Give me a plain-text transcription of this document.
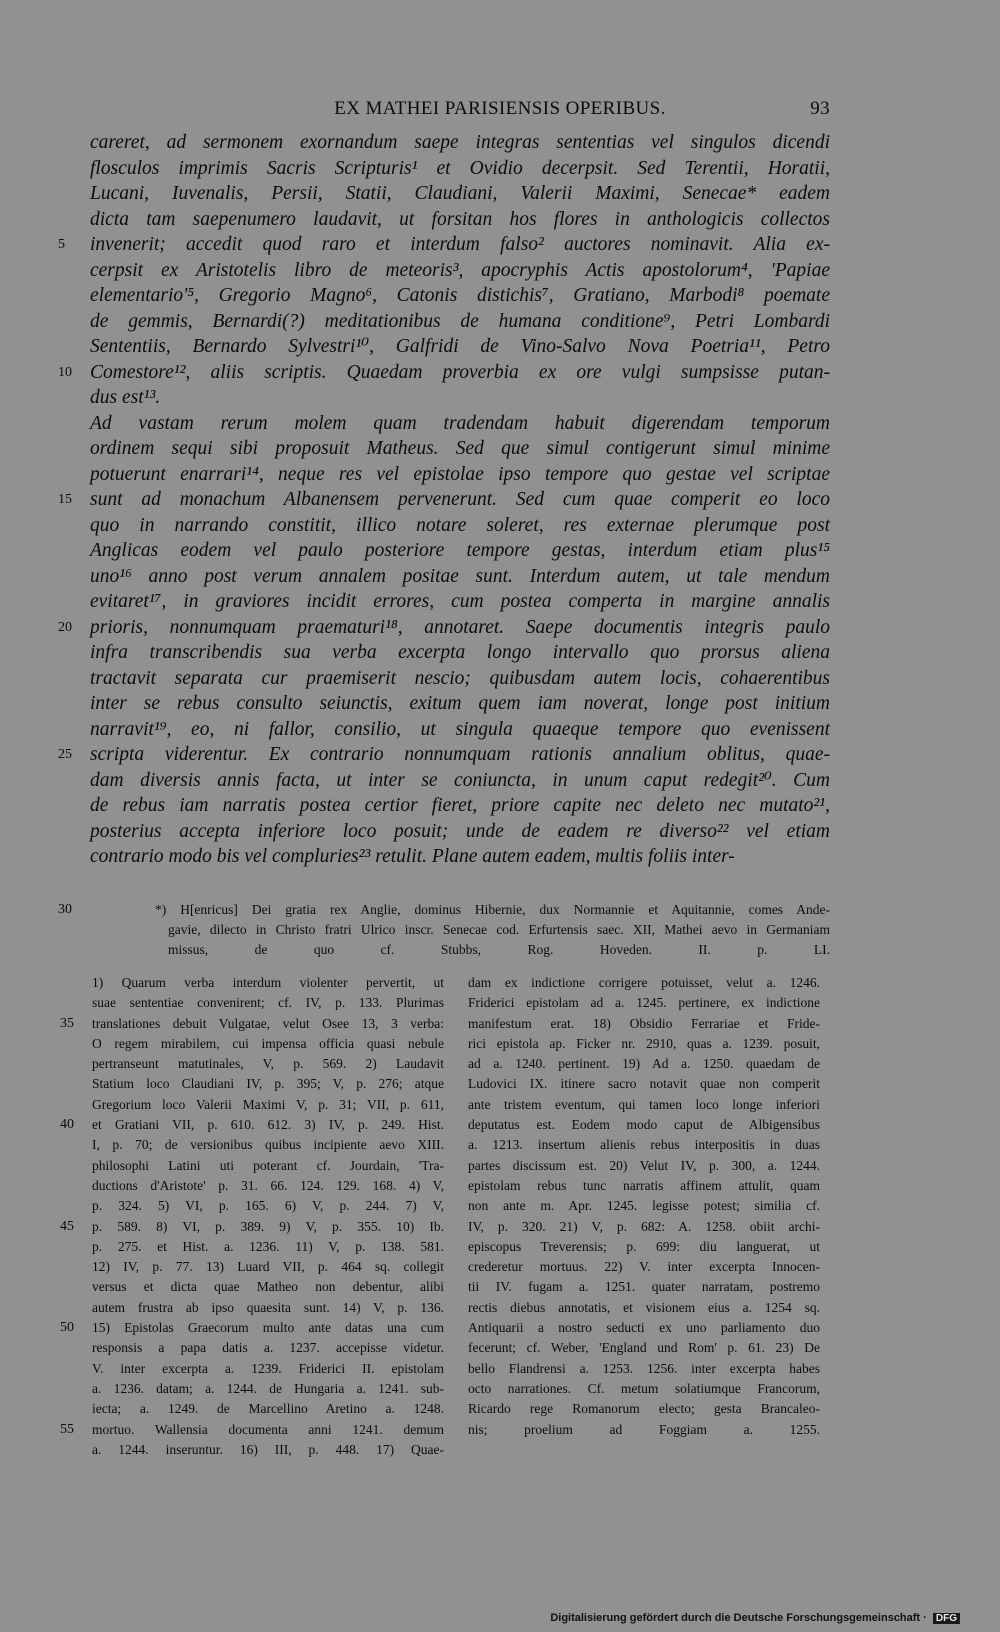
EX MATHEI PARISIENSIS OPERIBUS.	93
careret, ad sermonem exornandum saepe integras sententias vel singulos dicendi
flosculos imprimis Sacris Scripturis¹ et Ovidio decerpsit. Sed Terentii, Horatii,
Lucani, Iuvenalis, Persii, Statii, Claudiani, Valerii Maximi, Senecae* eadem
dicta tam saepenumero laudavit, ut forsitan hos flores in anthologicis collectos
5	invenerit; accedit quod raro et interdum falso² auctores nominavit. Alia ex-
cerpsit ex Aristotelis libro de meteoris³, apocryphis Actis apostolorum⁴, 'Papiae
elementario'⁵, Gregorio Magno⁶, Catonis distichis⁷, Gratiano, Marbodi⁸ poemate
de gemmis, Bernardi(?) meditationibus de humana conditione⁹, Petri Lombardi
Sententiis, Bernardo Sylvestri¹⁰, Galfridi de Vino-Salvo Nova Poetria¹¹, Petro
10 Comestore¹², aliis scriptis. Quaedam proverbia ex ore vulgi sumpsisse putan-
dus est¹³.
Ad vastam rerum molem quam tradendam habuit digerendam temporum
ordinem sequi sibi proposuit Matheus. Sed que simul contigerunt simul minime
potuerunt enarrari¹⁴, neque res vel epistolae ipso tempore quo gestae vel scriptae
15 sunt ad monachum Albanensem pervenerunt. Sed cum quae comperit eo loco
quo in narrando constitit, illico notare soleret, res externae plerumque post
Anglicas eodem vel paulo posteriore tempore gestas, interdum etiam plus¹⁵
uno¹⁶ anno post verum annalem positae sunt. Interdum autem, ut tale mendum
evitaret¹⁷, in graviores incidit errores, cum postea comperta in margine annalis
20 prioris, nonnumquam praematuri¹⁸, annotaret. Saepe documentis integris paulo
infra transcribendis sua verba excerpta longo intervallo quo prorsus aliena
tractavit separata cur praemiserit nescio; quibusdam autem locis, cohaerentibus
inter se rebus consulto seiunctis, exitum quem iam noverat, longe post initium
narravit¹⁹, eo, ni fallor, consilio, ut singula quaeque tempore quo evenissent
25 scripta viderentur. Ex contrario nonnumquam rationis annalium oblitus, quae-
dam diversis annis facta, ut inter se coniuncta, in unum caput redegit²⁰. Cum
de rebus iam narratis postea certior fieret, priore capite nec deleto nec mutato²¹,
posterius accepta inferiore loco posuit; unde de eadem re diverso²² vel etiam
contrario modo bis vel compluries²³ retulit. Plane autem eadem, multis foliis inter-
30	*) H[enricus] Dei gratia rex Anglie, dominus Hibernie, dux Normannie et Aquitannie, comes Ande-
gavie, dilecto in Christo fratri Ulrico inscr. Senecae cod. Erfurtensis saec. XII, Mathei aevo in Germaniam
missus, de quo cf. Stubbs, Rog. Hoveden. II. p. LI.
1) Quarum verba interdum violenter pervertit, ut
suae sententiae convenirent; cf. IV, p. 133. Plurimas
35	translationes debuit Vulgatae, velut Osee 13, 3 verba:
O regem mirabilem, cui impensa officia quasi nebule
pertranseunt matutinales, V, p. 569. 2) Laudavit
Statium loco Claudiani IV, p. 395; V, p. 276; atque
Gregorium loco Valerii Maximi V, p. 31; VII, p. 611,
40	et Gratiani VII, p. 610. 612. 3) IV, p. 249. Hist.
I, p. 70; de versionibus quibus incipiente aevo XIII.
philosophi Latini uti poterant cf. Jourdain, 'Tra-
ductions d'Aristote' p. 31. 66. 124. 129. 168. 4) V,
p. 324. 5) VI, p. 165. 6) V, p. 244. 7) V,
45	p. 589. 8) VI, p. 389. 9) V, p. 355. 10) Ib.
p. 275. et Hist. a. 1236. 11) V, p. 138. 581.
12) IV, p. 77. 13) Luard VII, p. 464 sq. collegit
versus et dicta quae Matheo non debentur, alibi
autem frustra ab ipso quaesita sunt. 14) V, p. 136.
50	15) Epistolas Graecorum multo ante datas una cum
responsis a papa datis a. 1237. accepisse videtur.
V. inter excerpta a. 1239. Friderici II. epistolam
a. 1236. datam; a. 1244. de Hungaria a. 1241. sub-
iecta; a. 1249. de Marcellino Aretino a. 1248.
55	mortuo. Wallensia documenta anni 1241. demum
a. 1244. inseruntur. 16) III, p. 448. 17) Quae-
dam ex indictione corrigere potuisset, velut a. 1246.
Friderici epistolam ad a. 1245. pertinere, ex indictione
manifestum erat. 18) Obsidio Ferrariae et Fride-
rici epistola ap. Ficker nr. 2910, quas a. 1239. posuit,
ad a. 1240. pertinent. 19) Ad a. 1250. quaedam de
Ludovici IX. itinere sacro notavit quae non comperit
ante tristem eventum, qui tamen loco longe inferiori
deputatus est. Eodem modo caput de Albigensibus
a. 1213. insertum alienis rebus interpositis in duas
partes discissum est. 20) Velut IV, p. 300, a. 1244.
epistolam rebus tunc narratis affinem attulit, quam
non ante m. Apr. 1245. legisse potest; similia cf.
IV, p. 320. 21) V, p. 682: A. 1258. obiit archi-
episcopus Treverensis; p. 699: diu languerat, ut
crederetur mortuus. 22) V. inter excerpta Innocen-
tii IV. fugam a. 1251. quater narratam, postremo
rectis diebus annotatis, et visionem eius a. 1254 sq.
Antiquarii a nostro seducti ex uno parliamento duo
fecerunt; cf. Weber, 'England und Rom' p. 61. 23) De
bello Flandrensi a. 1253. 1256. inter excerpta habes
octo narrationes. Cf. metum solatiumque Francorum,
Ricardo rege Romanorum electo; gesta Brancaleo-
nis; proelium ad Foggiam a. 1255.
Digitalisierung gefördert durch die Deutsche Forschungsgemeinschaft · DFG
